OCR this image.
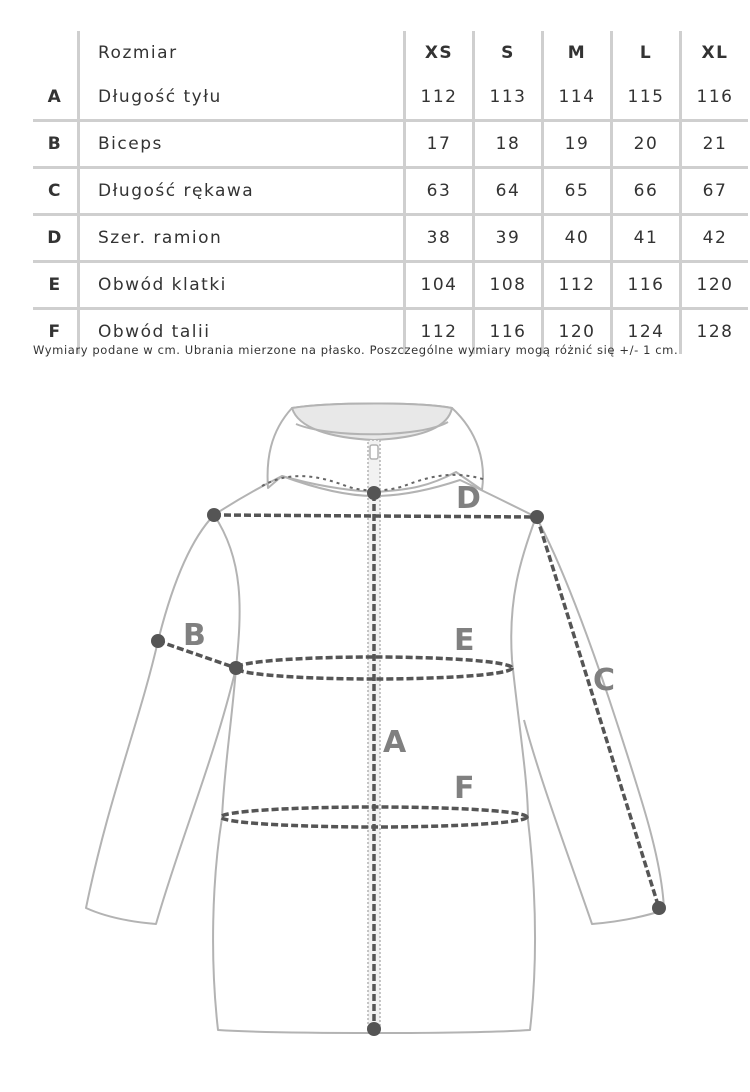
	Rozmiar	XS	S	M	L	XL
A	Długość tyłu	112	113	114	115	116
B	Biceps	17	18	19	20	21
C	Długość rękawa	63	64	65	66	67
D	Szer. ramion	38	39	40	41	42
E	Obwód klatki	104	108	112	116	120
F	Obwód talii	112	116	120	124	128
Wymiary podane w cm. Ubrania mierzone na płasko. Poszczególne wymiary mogą różnić się +/- 1 cm.
A
B
C
D
E
F
